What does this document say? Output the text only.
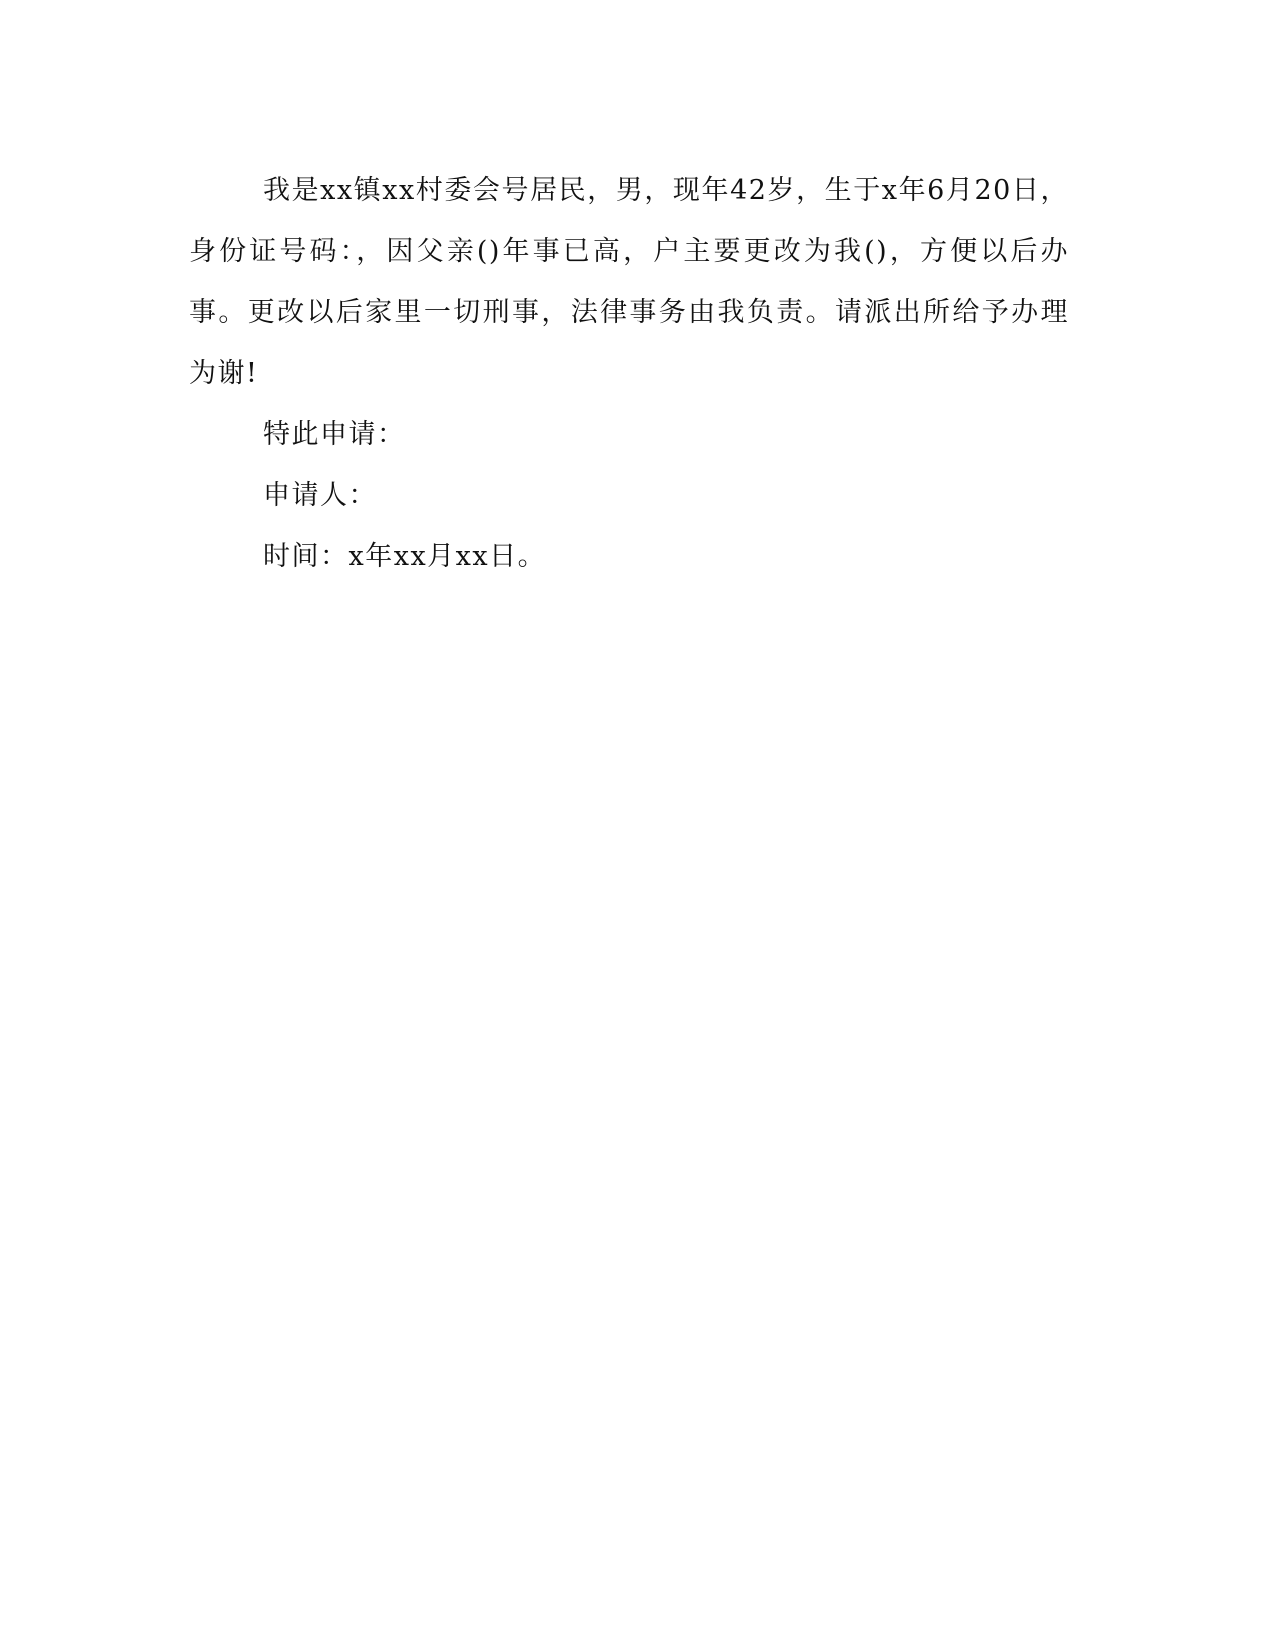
我是xx镇xx村委会号居民，男，现年42岁，生于x年6月20日，身份证号码：，因父亲()年事已高，户主要更改为我()，方便以后办事。更改以后家里一切刑事，法律事务由我负责。请派出所给予办理为谢!

特此申请：

申请人：

时间：x年xx月xx日。
